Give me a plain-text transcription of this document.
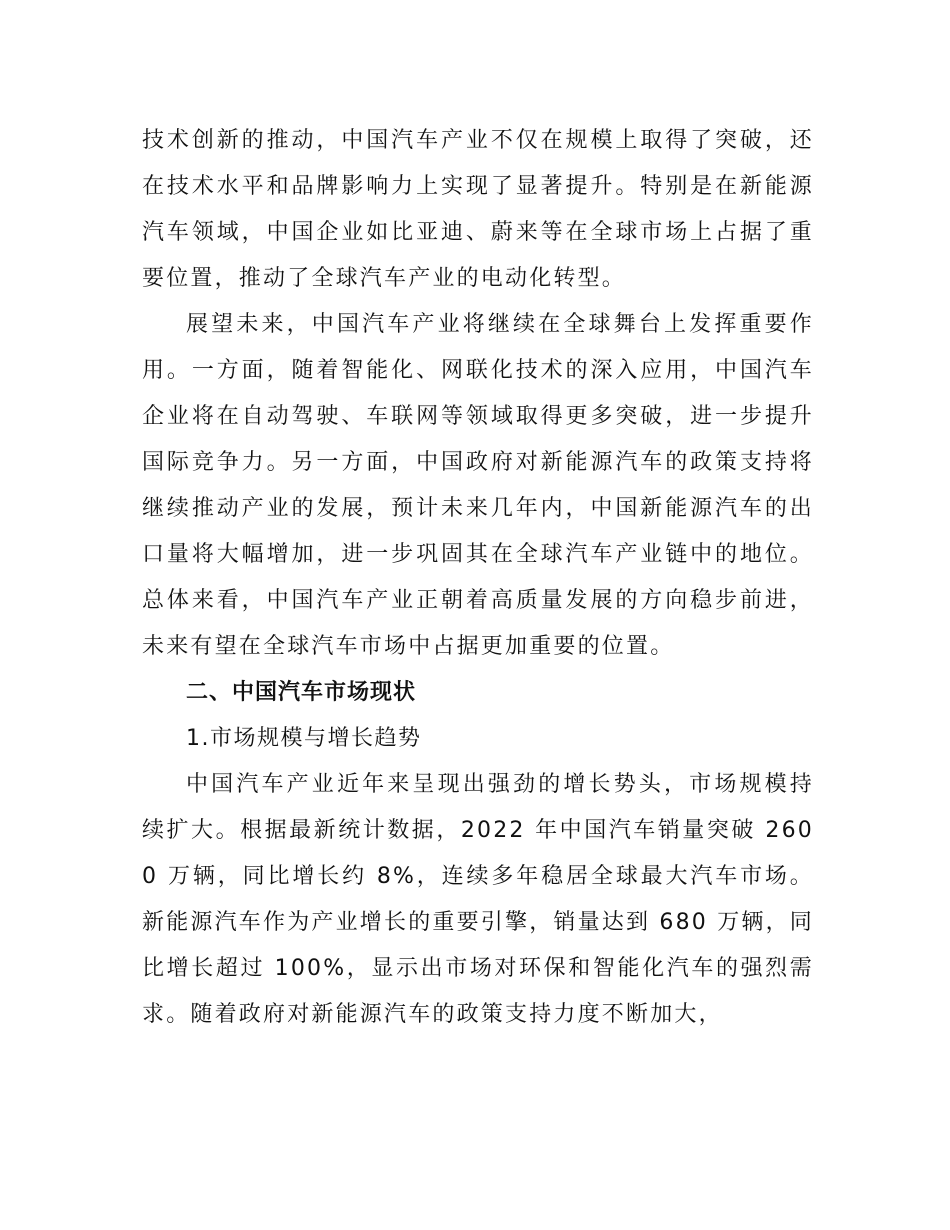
技术创新的推动，中国汽车产业不仅在规模上取得了突破，还在技术水平和品牌影响力上实现了显著提升。特别是在新能源汽车领域，中国企业如比亚迪、蔚来等在全球市场上占据了重要位置，推动了全球汽车产业的电动化转型。

展望未来，中国汽车产业将继续在全球舞台上发挥重要作用。一方面，随着智能化、网联化技术的深入应用，中国汽车企业将在自动驾驶、车联网等领域取得更多突破，进一步提升国际竞争力。另一方面，中国政府对新能源汽车的政策支持将继续推动产业的发展，预计未来几年内，中国新能源汽车的出口量将大幅增加，进一步巩固其在全球汽车产业链中的地位。总体来看，中国汽车产业正朝着高质量发展的方向稳步前进，未来有望在全球汽车市场中占据更加重要的位置。

二、中国汽车市场现状

1.市场规模与增长趋势

中国汽车产业近年来呈现出强劲的增长势头，市场规模持续扩大。根据最新统计数据，2022 年中国汽车销量突破 2600 万辆，同比增长约 8%，连续多年稳居全球最大汽车市场。新能源汽车作为产业增长的重要引擎，销量达到 680 万辆，同比增长超过 100%，显示出市场对环保和智能化汽车的强烈需求。随着政府对新能源汽车的政策支持力度不断加大，
